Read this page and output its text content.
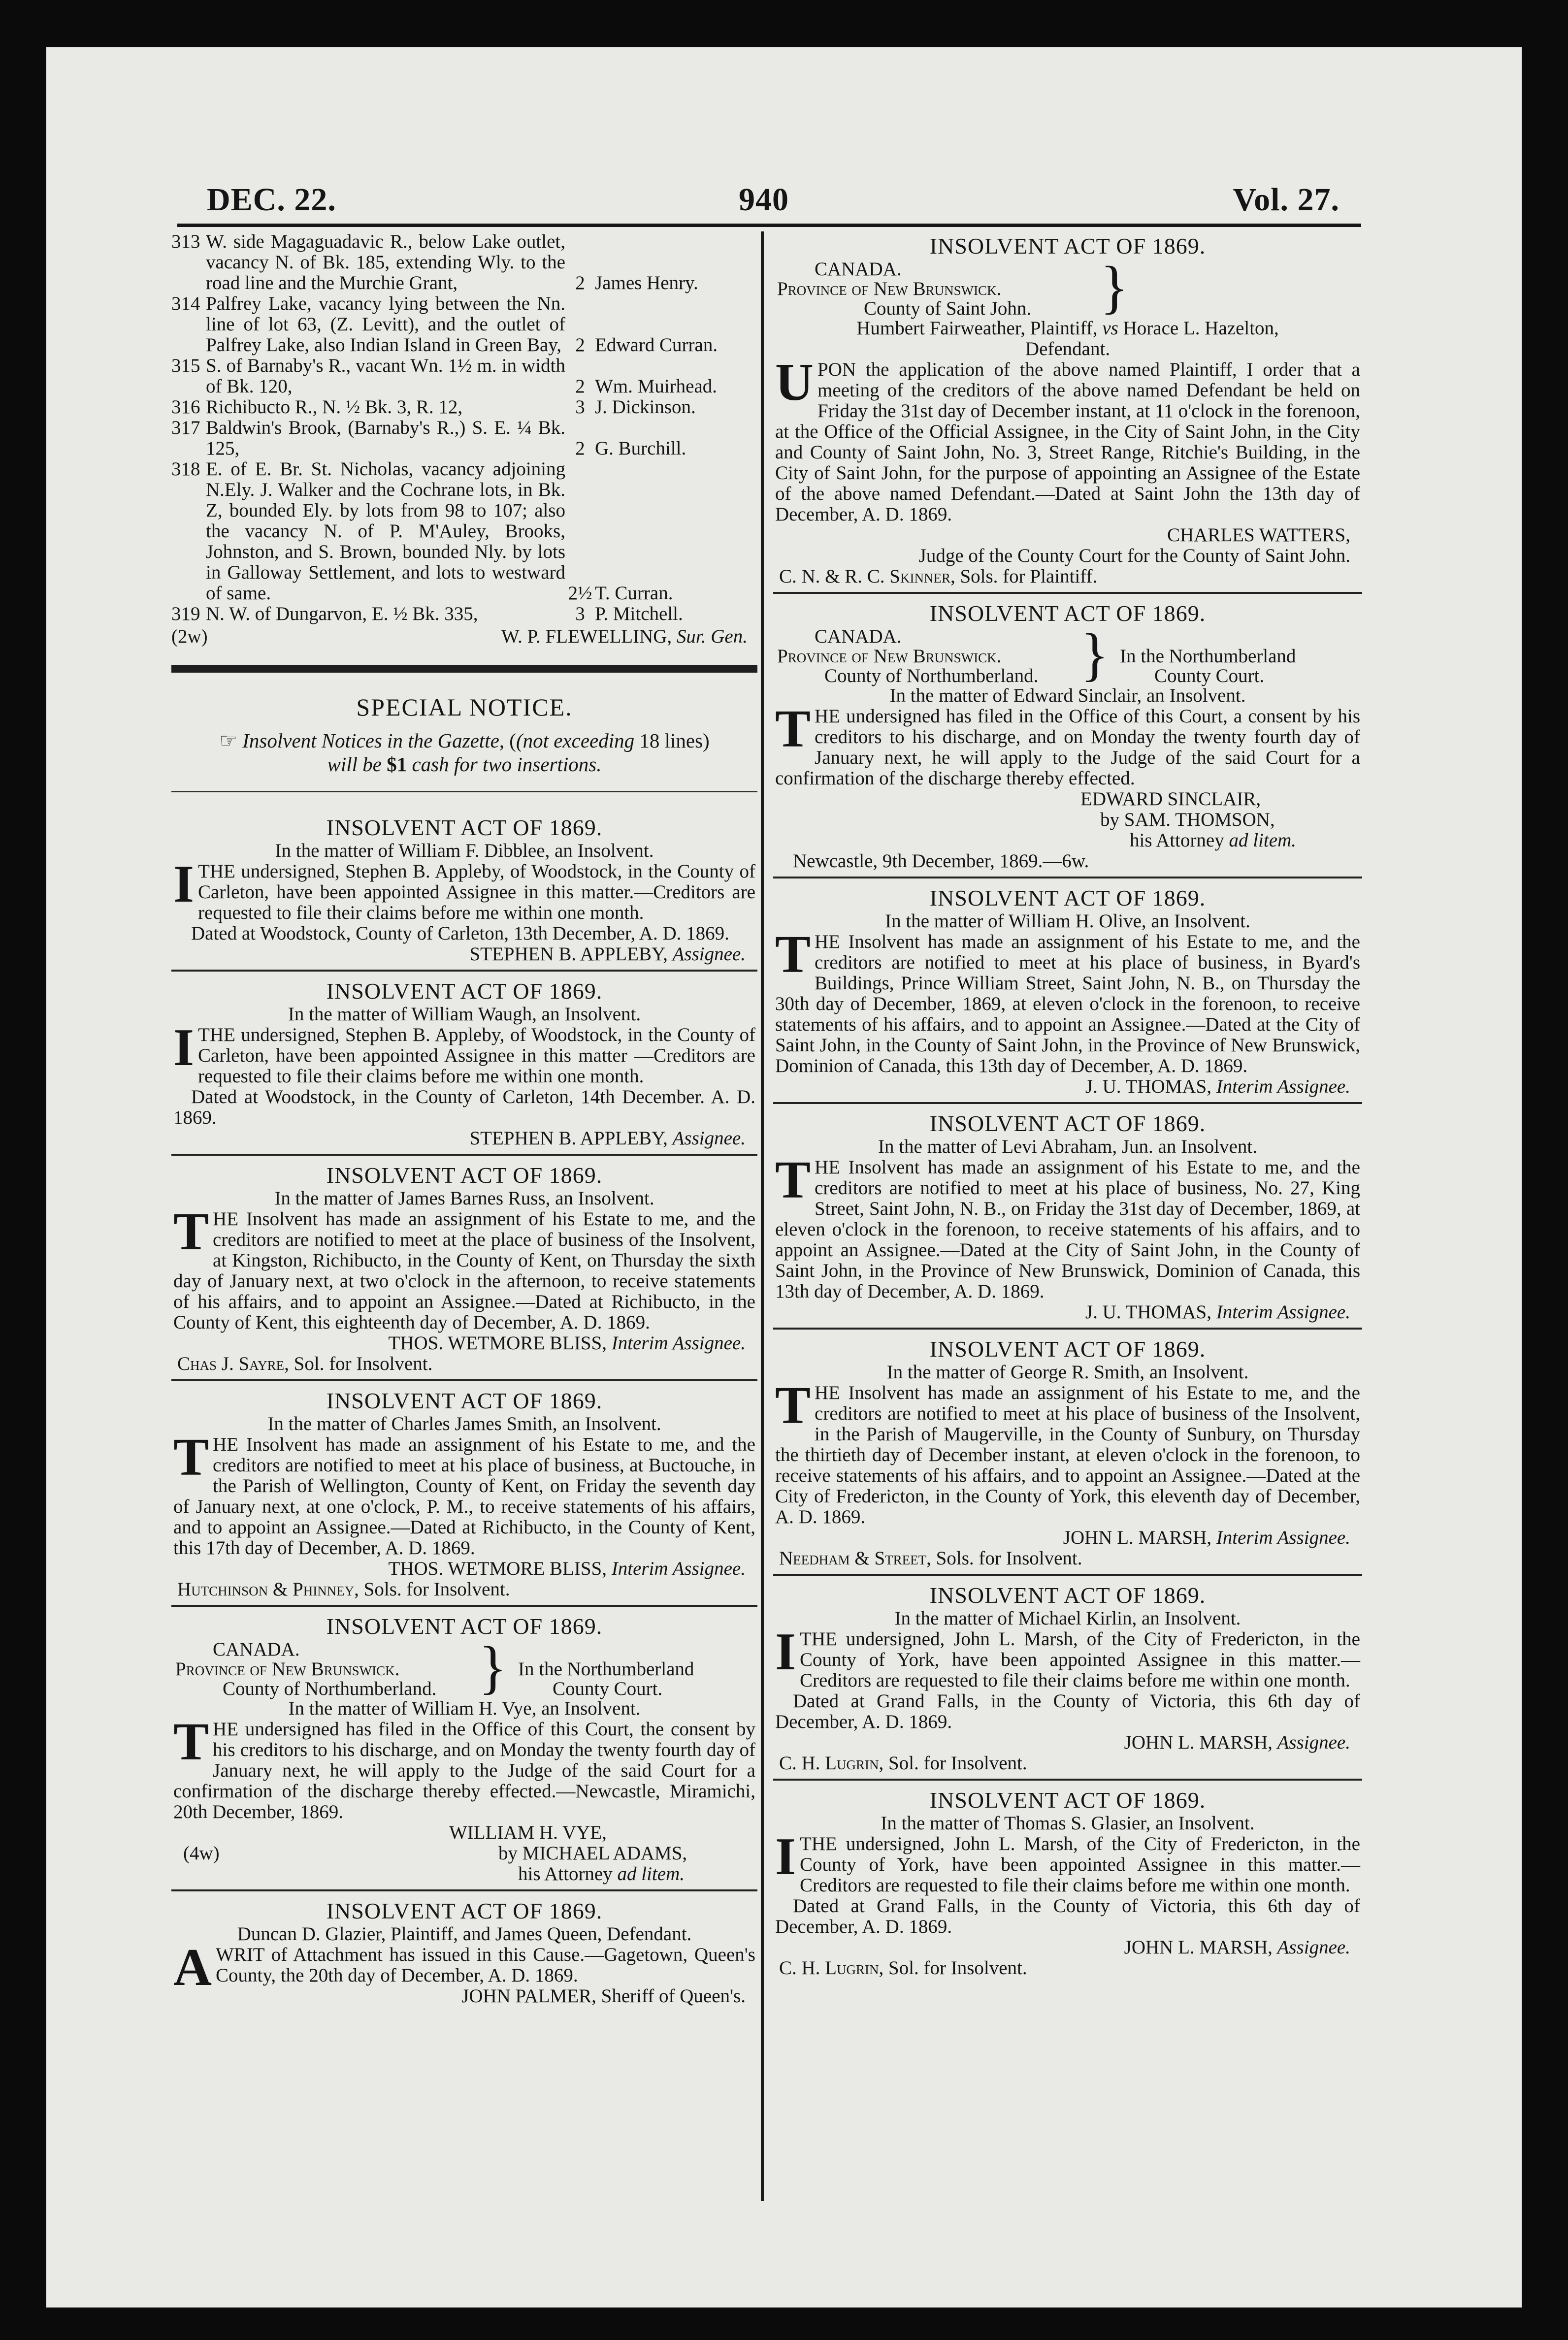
DEC. 22.	940	Vol. 27.
313 W. side Magaguadavic R., below Lake outlet, vacancy N. of Bk. 185, extending Wly. to the road line and the Murchie Grant,	2 James Henry.
314 Palfrey Lake, vacancy lying between the Nn. line of lot 63, (Z. Levitt), and the outlet of Palfrey Lake, also Indian Island in Green Bay, 2 Edward Curran.
315 S. of Barnaby's R., vacant Wn. 1½ m. in width of Bk. 120,	2 Wm. Muirhead.
316 Richibucto R., N. ½ Bk. 3, R. 12,	3 J. Dickinson.
317 Baldwin's Brook, (Barnaby's R.,) S. E. ¼ Bk. 125,	2 G. Burchill.
318 E. of E. Br. St. Nicholas, vacancy adjoining N.Ely. J. Walker and the Cochrane lots, in Bk. Z, bounded Ely. by lots from 98 to 107; also the vacancy N. of P. M'Auley, Brooks, Johnston, and S. Brown, bounded Nly. by lots in Galloway Settlement, and lots to westward of same.	2½ T. Curran.
319 N. W. of Dungarvon, E. ½ Bk. 335,	3 P. Mitchell.
(2w)	W. P. FLEWELLING, Sur. Gen.
SPECIAL NOTICE.
☞ Insolvent Notices in the Gazette, ((not exceeding 18 lines)
will be $1 cash for two insertions.
INSOLVENT ACT OF 1869.
In the matter of William F. Dibblee, an Insolvent.
ITHE undersigned, Stephen B. Appleby, of Woodstock, in the County of Carleton, have been appointed Assignee in this matter.—Creditors are requested to file their claims before me within one month.

Dated at Woodstock, County of Carleton, 13th December, A. D. 1869.

STEPHEN B. APPLEBY, Assignee.
INSOLVENT ACT OF 1869.
In the matter of William Waugh, an Insolvent.
ITHE undersigned, Stephen B. Appleby, of Woodstock, in the County of Carleton, have been appointed Assignee in this matter —Creditors are requested to file their claims before me within one month.

Dated at Woodstock, in the County of Carleton, 14th December. A. D. 1869.

STEPHEN B. APPLEBY, Assignee.
INSOLVENT ACT OF 1869.
In the matter of James Barnes Russ, an Insolvent.
THE Insolvent has made an assignment of his Estate to me, and the creditors are notified to meet at the place of business of the Insolvent, at Kingston, Richibucto, in the County of Kent, on Thursday the sixth day of January next, at two o'clock in the afternoon, to receive statements of his affairs, and to appoint an Assignee.—Dated at Richibucto, in the County of Kent, this eighteenth day of December, A. D. 1869.
THOS. WETMORE BLISS, Interim Assignee.
Chas J. Sayre, Sol. for Insolvent.
INSOLVENT ACT OF 1869.
In the matter of Charles James Smith, an Insolvent.
THE Insolvent has made an assignment of his Estate to me, and the creditors are notified to meet at his place of business, at Buctouche, in the Parish of Wellington, County of Kent, on Friday the seventh day of January next, at one o'clock, P. M., to receive statements of his affairs, and to appoint an Assignee.—Dated at Richibucto, in the County of Kent, this 17th day of December, A. D. 1869.
THOS. WETMORE BLISS, Interim Assignee.
Hutchinson & Phinney, Sols. for Insolvent.
INSOLVENT ACT OF 1869.
CANADA.
Province of New Brunswick.
County of Northumberland. } In the Northumberland
County Court.
In the matter of William H. Vye, an Insolvent.
THE undersigned has filed in the Office of this Court, the consent by his creditors to his discharge, and on Monday the twenty fourth day of January next, he will apply to the Judge of the said Court for a confirmation of the discharge thereby effected.—Newcastle, Miramichi, 20th December, 1869.
WILLIAM H. VYE,
(4w)	by MICHAEL ADAMS,
his Attorney ad litem.
INSOLVENT ACT OF 1869.
Duncan D. Glazier, Plaintiff, and James Queen, Defendant.
AWRIT of Attachment has issued in this Cause.—Gagetown, Queen's County, the 20th day of December, A. D. 1869.
JOHN PALMER, Sheriff of Queen's.
INSOLVENT ACT OF 1869.
CANADA.
Province of New Brunswick.
County of Saint John. }
Humbert Fairweather, Plaintiff, vs Horace L. Hazelton,
Defendant.
UPON the application of the above named Plaintiff, I order that a meeting of the creditors of the above named Defendant be held on Friday the 31st day of December instant, at 11 o'clock in the forenoon, at the Office of the Official Assignee, in the City of Saint John, in the City and County of Saint John, No. 3, Street Range, Ritchie's Building, in the City of Saint John, for the purpose of appointing an Assignee of the Estate of the above named Defendant.—Dated at Saint John the 13th day of December, A. D. 1869.
CHARLES WATTERS,
Judge of the County Court for the County of Saint John.
C. N. & R. C. Skinner, Sols. for Plaintiff.
INSOLVENT ACT OF 1869.
CANADA.
Province of New Brunswick.
County of Northumberland. } In the Northumberland
County Court.
In the matter of Edward Sinclair, an Insolvent.
THE undersigned has filed in the Office of this Court, a consent by his creditors to his discharge, and on Monday the twenty fourth day of January next, he will apply to the Judge of the said Court for a confirmation of the discharge thereby effected.
EDWARD SINCLAIR,
by SAM. THOMSON,
his Attorney ad litem.

Newcastle, 9th December, 1869.—6w.

INSOLVENT ACT OF 1869.
In the matter of William H. Olive, an Insolvent.
THE Insolvent has made an assignment of his Estate to me, and the creditors are notified to meet at his place of business, in Byard's Buildings, Prince William Street, Saint John, N. B., on Thursday the 30th day of December, 1869, at eleven o'clock in the forenoon, to receive statements of his affairs, and to appoint an Assignee.—Dated at the City of Saint John, in the County of Saint John, in the Province of New Brunswick, Dominion of Canada, this 13th day of December, A. D. 1869.
J. U. THOMAS, Interim Assignee.
INSOLVENT ACT OF 1869.
In the matter of Levi Abraham, Jun. an Insolvent.
THE Insolvent has made an assignment of his Estate to me, and the creditors are notified to meet at his place of business, No. 27, King Street, Saint John, N. B., on Friday the 31st day of December, 1869, at eleven o'clock in the forenoon, to receive statements of his affairs, and to appoint an Assignee.—Dated at the City of Saint John, in the County of Saint John, in the Province of New Brunswick, Dominion of Canada, this 13th day of December, A. D. 1869.
J. U. THOMAS, Interim Assignee.
INSOLVENT ACT OF 1869.
In the matter of George R. Smith, an Insolvent.
THE Insolvent has made an assignment of his Estate to me, and the creditors are notified to meet at his place of business of the Insolvent, in the Parish of Maugerville, in the County of Sunbury, on Thursday the thirtieth day of December instant, at eleven o'clock in the forenoon, to receive statements of his affairs, and to appoint an Assignee.—Dated at the City of Fredericton, in the County of York, this eleventh day of December, A. D. 1869.
JOHN L. MARSH, Interim Assignee.
Needham & Street, Sols. for Insolvent.
INSOLVENT ACT OF 1869.
In the matter of Michael Kirlin, an Insolvent.
ITHE undersigned, John L. Marsh, of the City of Fredericton, in the County of York, have been appointed Assignee in this matter.—Creditors are requested to file their claims before me within one month.

Dated at Grand Falls, in the County of Victoria, this 6th day of December, A. D. 1869.

JOHN L. MARSH, Assignee.
C. H. Lugrin, Sol. for Insolvent.
INSOLVENT ACT OF 1869.
In the matter of Thomas S. Glasier, an Insolvent.
ITHE undersigned, John L. Marsh, of the City of Fredericton, in the County of York, have been appointed Assignee in this matter.—Creditors are requested to file their claims before me within one month.

Dated at Grand Falls, in the County of Victoria, this 6th day of December, A. D. 1869.

JOHN L. MARSH, Assignee.
C. H. Lugrin, Sol. for Insolvent.
